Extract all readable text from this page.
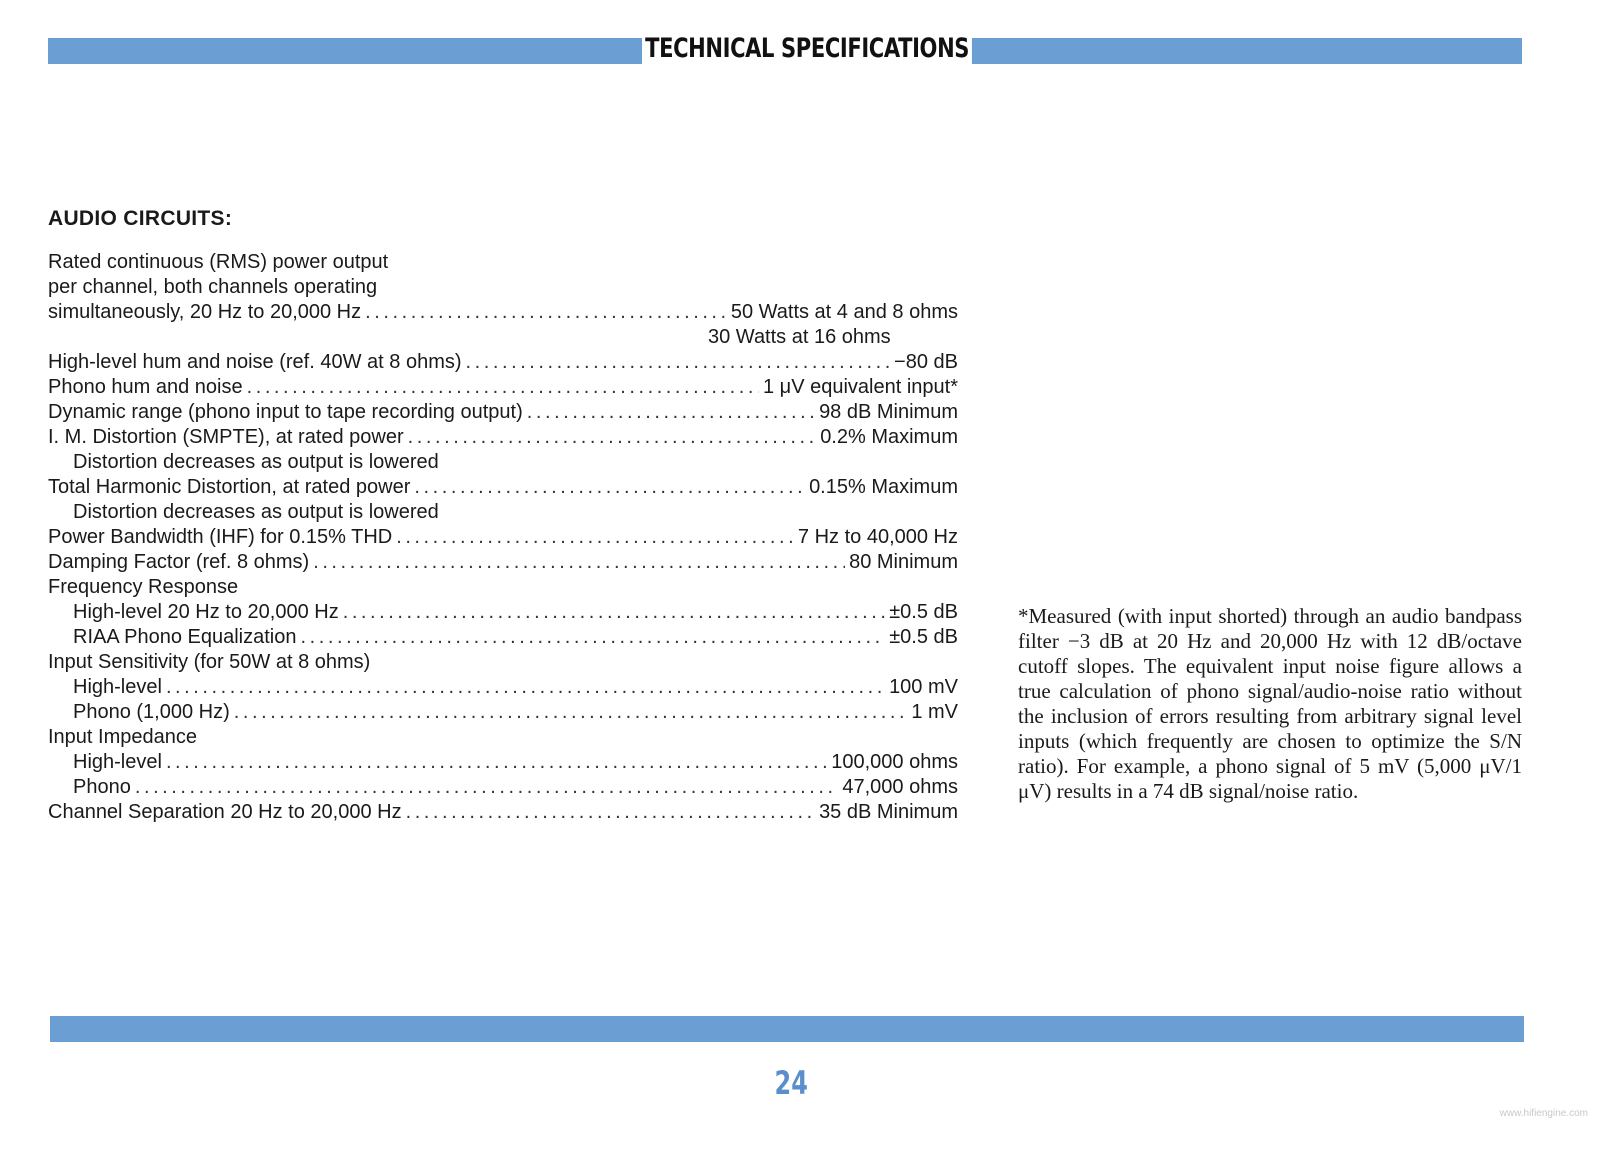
TECHNICAL SPECIFICATIONS
AUDIO CIRCUITS:
Rated continuous (RMS) power output
per channel, both channels operating
simultaneously, 20 Hz to 20,000 Hz . . .	50 Watts at 4 and 8 ohms
30 Watts at 16 ohms
High-level hum and noise (ref. 40W at 8 ohms) . . .	−80 dB
Phono hum and noise . . .	1 μV equivalent input*
Dynamic range (phono input to tape recording output) . . .	98 dB Minimum
I. M. Distortion (SMPTE), at rated power . . .	0.2% Maximum
Distortion decreases as output is lowered
Total Harmonic Distortion, at rated power . . .	0.15% Maximum
Distortion decreases as output is lowered
Power Bandwidth (IHF) for 0.15% THD . . .	7 Hz to 40,000 Hz
Damping Factor (ref. 8 ohms) . . .	80 Minimum
Frequency Response
High-level 20 Hz to 20,000 Hz . . .	±0.5 dB
RIAA Phono Equalization . . .	±0.5 dB
Input Sensitivity (for 50W at 8 ohms)
High-level . . .	100 mV
Phono (1,000 Hz) . . .	1 mV
Input Impedance
High-level . . .	100,000 ohms
Phono . . .	47,000 ohms
Channel Separation 20 Hz to 20,000 Hz . . .	35 dB Minimum

*Measured (with input shorted) through an audio bandpass filter −3 dB at 20 Hz and 20,000 Hz with 12 dB/octave cutoff slopes. The equivalent input noise figure allows a true calculation of phono signal/audio-noise ratio without the inclusion of errors resulting from arbitrary signal level inputs (which frequently are chosen to optimize the S/N ratio). For example, a phono signal of 5 mV (5,000 μV/1 μV) results in a 74 dB signal/noise ratio.

24
www.hifiengine.com
